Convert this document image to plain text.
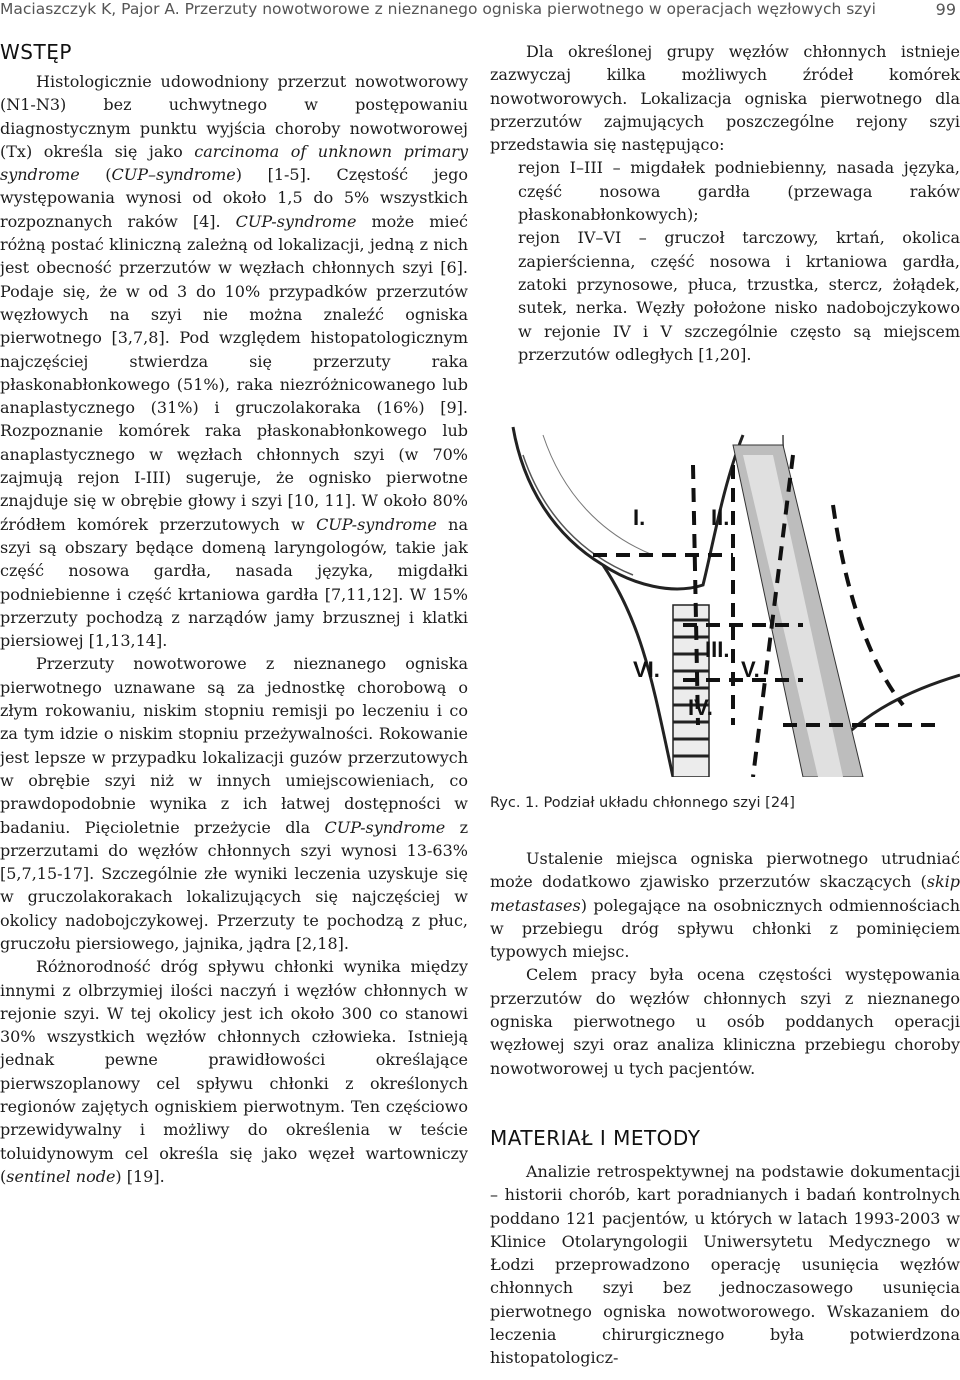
Maciaszczyk K, Pajor A. Przerzuty nowotworowe z nieznanego ogniska pierwotnego w operacjach węzłowych szyi	99
WSTĘP

Histologicznie udowodniony przerzut nowotworowy (N1-N3) bez uchwytnego w postępowaniu diagnostycznym punktu wyjścia choroby nowotworowej (Tx) określa się jako carcinoma of unknown primary syndrome (CUP–syndrome) [1-5]. Częstość jego występowania wynosi od około 1,5 do 5% wszystkich rozpoznanych raków [4]. CUP-syndrome może mieć różną postać kliniczną zależną od lokalizacji, jedną z nich jest obecność przerzutów w węzłach chłonnych szyi [6]. Podaje się, że w od 3 do 10% przypadków przerzutów węzłowych na szyi nie można znaleźć ogniska pierwotnego [3,7,8]. Pod względem histopatologicznym najczęściej stwierdza się przerzuty raka płaskonabłonkowego (51%), raka niezróżnicowanego lub anaplastycznego (31%) i gruczolakoraka (16%) [9]. Rozpoznanie komórek raka płaskonabłonkowego lub anaplastycznego w węzłach chłonnych szyi (w 70% zajmują rejon I-III) sugeruje, że ognisko pierwotne znajduje się w obrębie głowy i szyi [10, 11]. W około 80% źródłem komórek przerzutowych w CUP-syndrome na szyi są obszary będące domeną laryngologów, takie jak część nosowa gardła, nasada języka, migdałki podniebienne i część krtaniowa gardła [7,11,12]. W 15% przerzuty pochodzą z narządów jamy brzusznej i klatki piersiowej [1,13,14].

Przerzuty nowotworowe z nieznanego ogniska pierwotnego uznawane są za jednostkę chorobową o złym rokowaniu, niskim stopniu remisji po leczeniu i co za tym idzie o niskim stopniu przeżywalności. Rokowanie jest lepsze w przypadku lokalizacji guzów przerzutowych w obrębie szyi niż w innych umiejscowieniach, co prawdopodobnie wynika z ich łatwej dostępności w badaniu. Pięcioletnie przeżycie dla CUP-syndrome z przerzutami do węzłów chłonnych szyi wynosi 13-63% [5,7,15-17]. Szczególnie złe wyniki leczenia uzyskuje się w gruczolakorakach lokalizujących się najczęściej w okolicy nadobojczykowej. Przerzuty te pochodzą z płuc, gruczołu piersiowego, jajnika, jądra [2,18].

Różnorodność dróg spływu chłonki wynika między innymi z olbrzymiej ilości naczyń i węzłów chłonnych w rejonie szyi. W tej okolicy jest ich około 300 co stanowi 30% wszystkich węzłów chłonnych człowieka. Istnieją jednak pewne prawidłowości określające pierwszoplanowy cel spływu chłonki z określonych regionów zajętych ogniskiem pierwotnym. Ten częściowo przewidywalny i możliwy do określenia w teście toluidynowym cel określa się jako węzeł wartowniczy (sentinel node) [19].

Dla określonej grupy węzłów chłonnych istnieje zazwyczaj kilka możliwych źródeł komórek nowotworowych. Lokalizacja ogniska pierwotnego dla przerzutów zajmujących poszczególne rejony szyi przedstawia się następująco:

rejon I–III – migdałek podniebienny, nasada języka, część nosowa gardła (przewaga raków płaskonabłonkowych);
rejon IV–VI – gruczoł tarczowy, krtań, okolica zapierścienna, część nosowa i krtaniowa gardła, zatoki przynosowe, płuca, trzustka, stercz, żołądek, sutek, nerka. Węzły położone nisko nadobojczykowo w rejonie IV i V szczególnie często są miejscem przerzutów odległych [1,20].
I.	II.
III.
IV.
V.
VI.
Ryc. 1. Podział układu chłonnego szyi [24]

Ustalenie miejsca ogniska pierwotnego utrudniać może dodatkowo zjawisko przerzutów skaczących (skip metastases) polegające na osobnicznych odmiennościach w przebiegu dróg spływu chłonki z pominięciem typowych miejsc.

Celem pracy była ocena częstości występowania przerzutów do węzłów chłonnych szyi z nieznanego ogniska pierwotnego u osób poddanych operacji węzłowej szyi oraz analiza kliniczna przebiegu choroby nowotworowej u tych pacjentów.

MATERIAŁ I METODY

Analizie retrospektywnej na podstawie dokumentacji – historii chorób, kart poradnianych i badań kontrolnych poddano 121 pacjentów, u których w latach 1993-2003 w Klinice Otolaryngologii Uniwersytetu Medycznego w Łodzi przeprowadzono operację usunięcia węzłów chłonnych szyi bez jednoczasowego usunięcia pierwotnego ogniska nowotworowego. Wskazaniem do leczenia chirurgicznego była potwierdzona histopatologicz-
